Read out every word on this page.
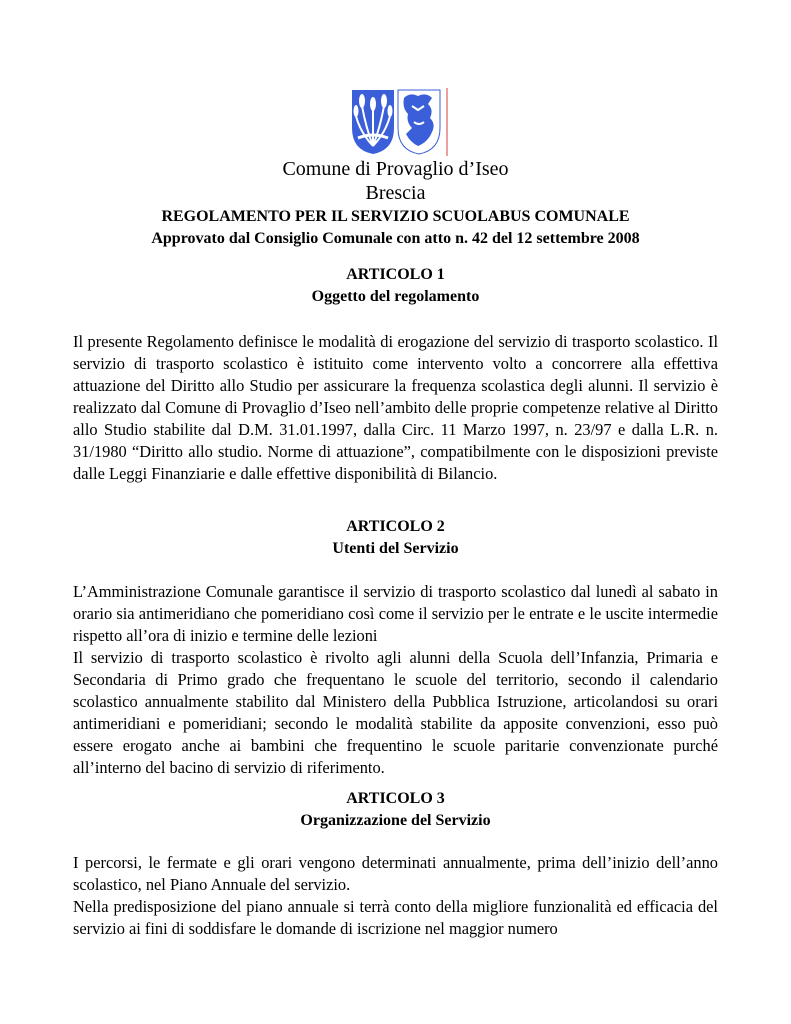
Comune di Provaglio d’Iseo
Brescia
REGOLAMENTO PER IL SERVIZIO SCUOLABUS COMUNALE
Approvato dal Consiglio Comunale con atto n. 42 del 12 settembre 2008
ARTICOLO 1
Oggetto del regolamento

Il presente Regolamento definisce le modalità di erogazione del servizio di trasporto scolastico. Il servizio di trasporto scolastico è istituito come intervento volto a concorrere alla effettiva attuazione del Diritto allo Studio per assicurare la frequenza scolastica degli alunni. Il servizio è realizzato dal Comune di Provaglio d’Iseo nell’ambito delle proprie competenze relative al Diritto allo Studio stabilite dal D.M. 31.01.1997, dalla Circ. 11 Marzo 1997, n. 23/97 e dalla L.R. n. 31/1980 “Diritto allo studio. Norme di attuazione”, compatibilmente con le disposizioni previste dalle Leggi Finanziarie e dalle effettive disponibilità di Bilancio.

ARTICOLO 2
Utenti del Servizio

L’Amministrazione Comunale garantisce il servizio di trasporto scolastico dal lunedì al sabato in orario sia antimeridiano che pomeridiano così come il servizio per le entrate e le uscite intermedie rispetto all’ora di inizio e termine delle lezioni

Il servizio di trasporto scolastico è rivolto agli alunni della Scuola dell’Infanzia, Primaria e Secondaria di Primo grado che frequentano le scuole del territorio, secondo il calendario scolastico annualmente stabilito dal Ministero della Pubblica Istruzione, articolandosi su orari antimeridiani e pomeridiani; secondo le modalità stabilite da apposite convenzioni, esso può essere erogato anche ai bambini che frequentino le scuole paritarie convenzionate purché all’interno del bacino di servizio di riferimento.

ARTICOLO 3
Organizzazione del Servizio

I percorsi, le fermate e gli orari vengono determinati annualmente, prima dell’inizio dell’anno scolastico, nel Piano Annuale del servizio.

Nella predisposizione del piano annuale si terrà conto della migliore funzionalità ed efficacia del servizio ai fini di soddisfare le domande di iscrizione nel maggior numero
